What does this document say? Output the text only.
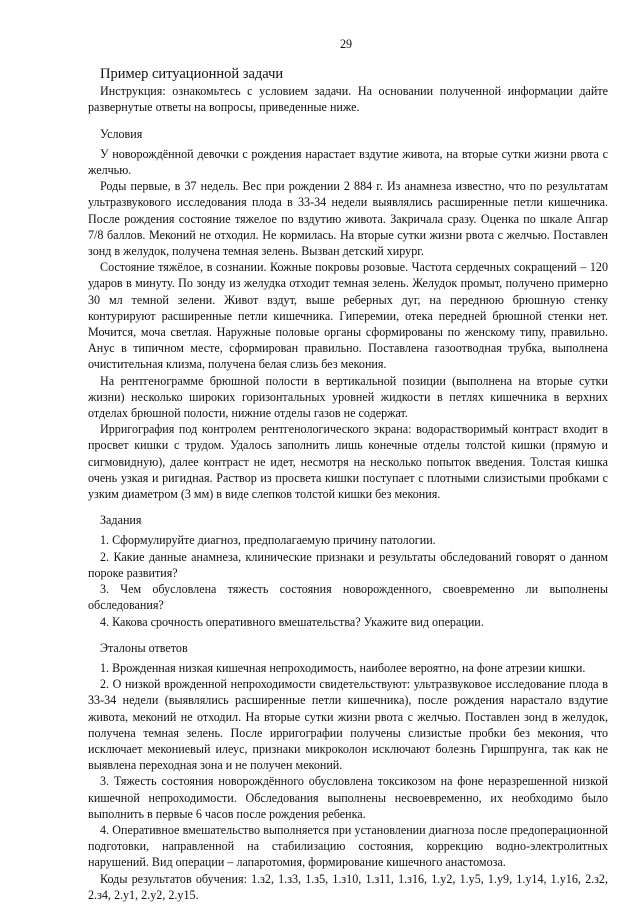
29

Пример ситуационной задачи

Инструкция: ознакомьтесь с условием задачи. На основании полученной информации дайте развернутые ответы на вопросы, приведенные ниже.

Условия

У новорождённой девочки с рождения нарастает вздутие живота, на вторые сутки жизни рвота с желчью.

Роды первые, в 37 недель. Вес при рождении 2 884 г. Из анамнеза известно, что по результатам ультразвукового исследования плода в 33-34 недели выявлялись расширенные петли кишечника. После рождения состояние тяжелое по вздутию живота. Закричала сразу. Оценка по шкале Апгар 7/8 баллов. Меконий не отходил. Не кормилась. На вторые сутки жизни рвота с желчью. Поставлен зонд в желудок, получена темная зелень. Вызван детский хирург.

Состояние тяжёлое, в сознании. Кожные покровы розовые. Частота сердечных сокращений – 120 ударов в минуту. По зонду из желудка отходит темная зелень. Желудок промыт, получено примерно 30 мл темной зелени. Живот вздут, выше реберных дуг, на переднюю брюшную стенку контурируют расширенные петли кишечника. Гиперемии, отека передней брюшной стенки нет. Мочится, моча светлая. Наружные половые органы сформированы по женскому типу, правильно. Анус в типичном месте, сформирован правильно. Поставлена газоотводная трубка, выполнена очистительная клизма, получена белая слизь без мекония.

На рентгенограмме брюшной полости в вертикальной позиции (выполнена на вторые сутки жизни) несколько широких горизонтальных уровней жидкости в петлях кишечника в верхних отделах брюшной полости, нижние отделы газов не содержат.

Ирригография под контролем рентгенологического экрана: водорастворимый контраст входит в просвет кишки с трудом. Удалось заполнить лишь конечные отделы толстой кишки (прямую и сигмовидную), далее контраст не идет, несмотря на несколько попыток введения. Толстая кишка очень узкая и ригидная. Раствор из просвета кишки поступает с плотными слизистыми пробками с узким диаметром (3 мм) в виде слепков толстой кишки без мекония.

Задания

1. Сформулируйте диагноз, предполагаемую причину патологии.

2. Какие данные анамнеза, клинические признаки и результаты обследований говорят о данном пороке развития?

3. Чем обусловлена тяжесть состояния новорожденного, своевременно ли выполнены обследования?

4. Какова срочность оперативного вмешательства? Укажите вид операции.

Эталоны ответов

1. Врожденная низкая кишечная непроходимость, наиболее вероятно, на фоне атрезии кишки.

2. О низкой врожденной непроходимости свидетельствуют: ультразвуковое исследование плода в 33-34 недели (выявлялись расширенные петли кишечника), после рождения нарастало вздутие живота, меконий не отходил. На вторые сутки жизни рвота с желчью. Поставлен зонд в желудок, получена темная зелень. После ирригографии получены слизистые пробки без мекония, что исключает мекониевый илеус, признаки микроколон исключают болезнь Гиршпрунга, так как не выявлена переходная зона и не получен меконий.

3. Тяжесть состояния новорождённого обусловлена токсикозом на фоне неразрешенной низкой кишечной непроходимости. Обследования выполнены несвоевременно, их необходимо было выполнить в первые 6 часов после рождения ребенка.

4. Оперативное вмешательство выполняется при установлении диагноза после предоперационной подготовки, направленной на стабилизацию состояния, коррекцию водно-электролитных нарушений. Вид операции – лапаротомия, формирование кишечного анастомоза.

Коды результатов обучения: 1.з2, 1.з3, 1.з5, 1.з10, 1.з11, 1.з16, 1.у2, 1.у5, 1.у9, 1.у14, 1.у16, 2.з2, 2.з4, 2.у1, 2.у2, 2.у15.
